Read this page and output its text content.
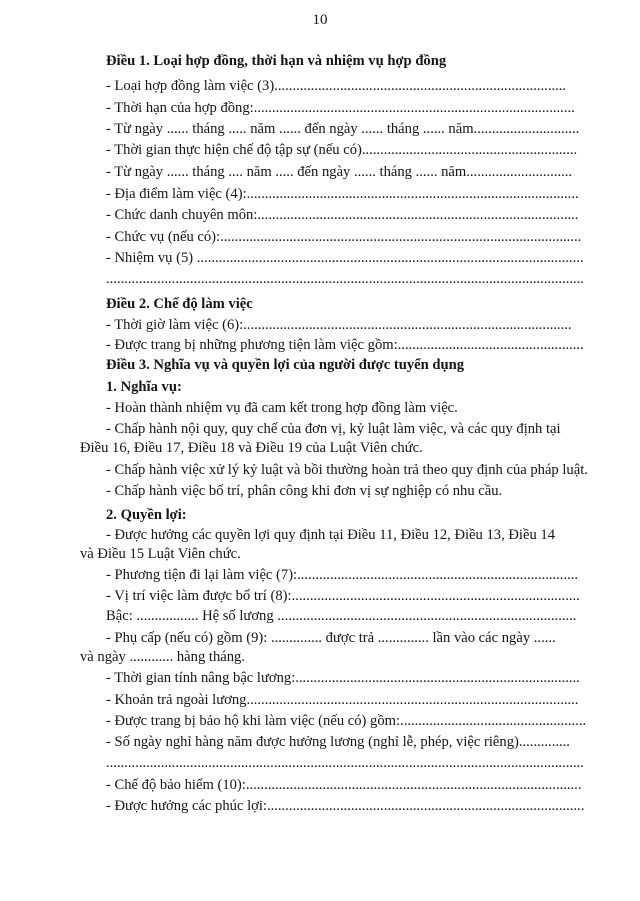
10
Điều 1. Loại hợp đồng, thời hạn và nhiệm vụ hợp đồng
- Loại hợp đồng làm việc (3)................................................................................
- Thời hạn của hợp đồng:........................................................................................
- Từ ngày ...... tháng ..... năm ...... đến ngày ...... tháng ...... năm.............................
- Thời gian thực hiện chế độ tập sự (nếu có)...........................................................
- Từ ngày ...... tháng .... năm ..... đến ngày ...... tháng ...... năm.............................
- Địa điểm làm việc (4):...........................................................................................
- Chức danh chuyên môn:........................................................................................
- Chức vụ (nếu có):...................................................................................................
- Nhiệm vụ (5) ..........................................................................................................
...................................................................................................................................
Điều 2. Chế độ làm việc
- Thời giờ làm việc (6):..........................................................................................
- Được trang bị những phương tiện làm việc gồm:...................................................
Điều 3. Nghĩa vụ và quyền lợi của người được tuyển dụng
1. Nghĩa vụ:
- Hoàn thành nhiệm vụ đã cam kết trong hợp đồng làm việc.
- Chấp hành nội quy, quy chế của đơn vị, kỷ luật làm việc, và các quy định tại
Điều 16, Điều 17, Điều 18 và Điều 19 của Luật Viên chức.
- Chấp hành việc xử lý kỷ luật và bồi thường hoàn trả theo quy định của pháp luật.
- Chấp hành việc bố trí, phân công khi đơn vị sự nghiệp có nhu cầu.
2. Quyền lợi:
- Được hưởng các quyền lợi quy định tại Điều 11, Điều 12, Điều 13, Điều 14
và Điều 15 Luật Viên chức.
- Phương tiện đi lại làm việc (7):.............................................................................
- Vị trí việc làm được bố trí (8):...............................................................................
Bậc: ................. Hệ số lương ..................................................................................
- Phụ cấp (nếu có) gồm (9): .............. được trả .............. lần vào các ngày ......
và ngày ............ hàng tháng.
- Thời gian tính nâng bậc lương:..............................................................................
- Khoản trả ngoài lương...........................................................................................
- Được trang bị bảo hộ khi làm việc (nếu có) gồm:...................................................
- Số ngày nghỉ hàng năm được hưởng lương (nghỉ lễ, phép, việc riêng)..............
...................................................................................................................................
- Chế độ bảo hiểm (10):............................................................................................
- Được hưởng các phúc lợi:.......................................................................................
